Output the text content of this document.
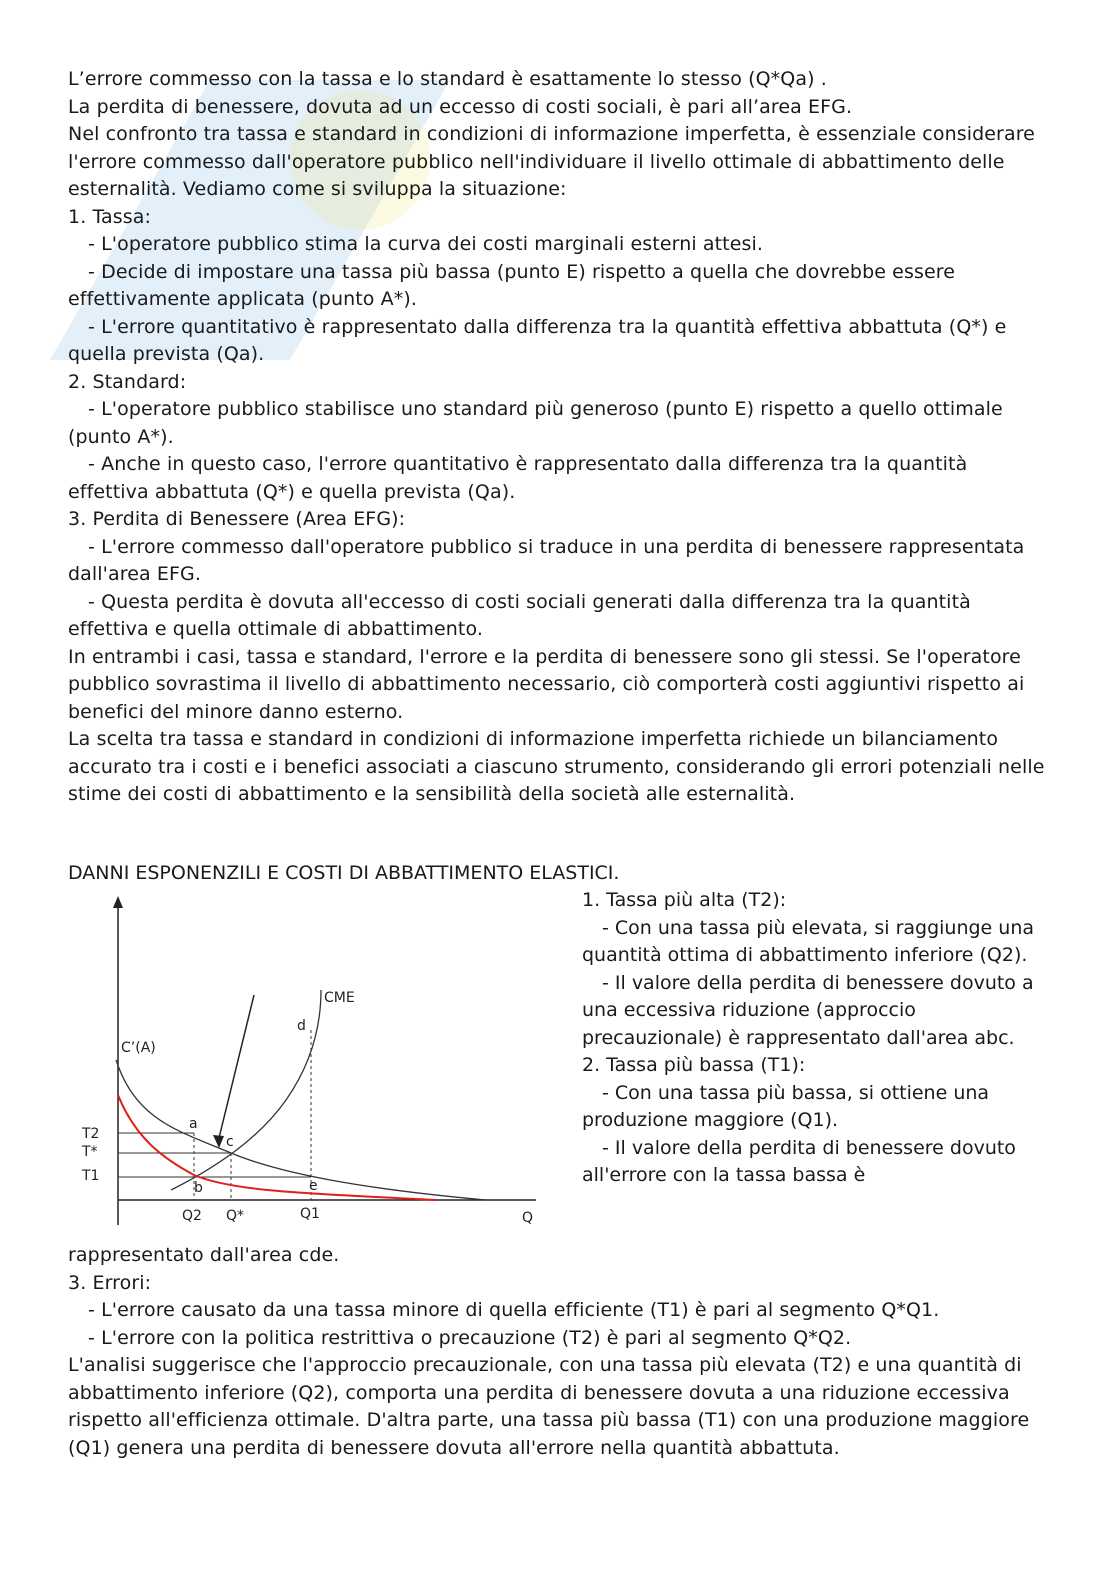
L’errore commesso con la tassa e lo standard è esattamente lo stesso (Q*Qa) .

La perdita di benessere, dovuta ad un eccesso di costi sociali, è pari all’area EFG.

Nel confronto tra tassa e standard in condizioni di informazione imperfetta, è essenziale considerare l'errore commesso dall'operatore pubblico nell'individuare il livello ottimale di abbattimento delle esternalità. Vediamo come si sviluppa la situazione:

1. Tassa:

- L'operatore pubblico stima la curva dei costi marginali esterni attesi.

- Decide di impostare una tassa più bassa (punto E) rispetto a quella che dovrebbe essere effettivamente applicata (punto A*).

- L'errore quantitativo è rappresentato dalla differenza tra la quantità effettiva abbattuta (Q*) e quella prevista (Qa).

2. Standard:

- L'operatore pubblico stabilisce uno standard più generoso (punto E) rispetto a quello ottimale (punto A*).

- Anche in questo caso, l'errore quantitativo è rappresentato dalla differenza tra la quantità effettiva abbattuta (Q*) e quella prevista (Qa).

3. Perdita di Benessere (Area EFG):

- L'errore commesso dall'operatore pubblico si traduce in una perdita di benessere rappresentata dall'area EFG.

- Questa perdita è dovuta all'eccesso di costi sociali generati dalla differenza tra la quantità effettiva e quella ottimale di abbattimento.

In entrambi i casi, tassa e standard, l'errore e la perdita di benessere sono gli stessi. Se l'operatore pubblico sovrastima il livello di abbattimento necessario, ciò comporterà costi aggiuntivi rispetto ai benefici del minore danno esterno.

La scelta tra tassa e standard in condizioni di informazione imperfetta richiede un bilanciamento accurato tra i costi e i benefici associati a ciascuno strumento, considerando gli errori potenziali nelle stime dei costi di abbattimento e la sensibilità della società alle esternalità.

DANNI ESPONENZILI E COSTI DI ABBATTIMENTO ELASTICI.
CME
C’(A)
T2
T*
T1
Q2 Q*	Q1	Q
a
b
c
d
e

1. Tassa più alta (T2):

- Con una tassa più elevata, si raggiunge una quantità ottima di abbattimento inferiore (Q2).

- Il valore della perdita di benessere dovuto a una eccessiva riduzione (approccio precauzionale) è rappresentato dall'area abc.

2. Tassa più bassa (T1):

- Con una tassa più bassa, si ottiene una produzione maggiore (Q1).

- Il valore della perdita di benessere dovuto all'errore con la tassa bassa è

rappresentato dall'area cde.

3. Errori:

- L'errore causato da una tassa minore di quella efficiente (T1) è pari al segmento Q*Q1.

- L'errore con la politica restrittiva o precauzione (T2) è pari al segmento Q*Q2.

L'analisi suggerisce che l'approccio precauzionale, con una tassa più elevata (T2) e una quantità di abbattimento inferiore (Q2), comporta una perdita di benessere dovuta a una riduzione eccessiva rispetto all'efficienza ottimale. D'altra parte, una tassa più bassa (T1) con una produzione maggiore (Q1) genera una perdita di benessere dovuta all'errore nella quantità abbattuta.
